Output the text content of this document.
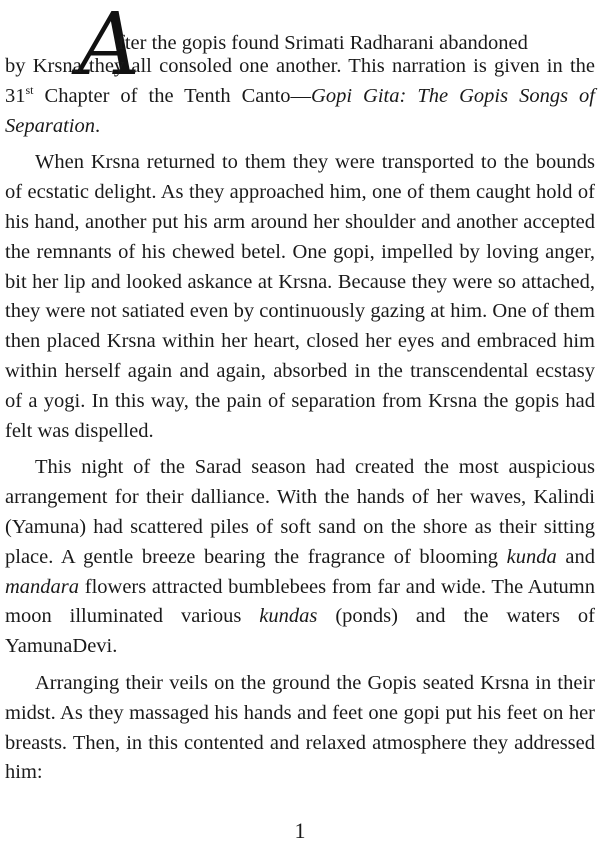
A
fter the gopis found Srimati Radharani abandoned

by Krsna they all consoled one another. This narration is given in the 31st Chapter of the Tenth Canto—Gopi Gita: The Gopis Songs of Separation.

When Krsna returned to them they were transported to the bounds of ecstatic delight. As they approached him, one of them caught hold of his hand, another put his arm around her shoulder and another accepted the remnants of his chewed betel. One gopi, impelled by loving anger, bit her lip and looked askance at Krsna. Because they were so attached, they were not satiated even by continuously gazing at him. One of them then placed Krsna within her heart, closed her eyes and embraced him within herself again and again, absorbed in the transcendental ecstasy of a yogi. In this way, the pain of separation from Krsna the gopis had felt was dispelled.

This night of the Sarad season had created the most auspicious arrangement for their dalliance. With the hands of her waves, Kalindi (Yamuna) had scattered piles of soft sand on the shore as their sitting place. A gentle breeze bearing the fragrance of blooming kunda and mandara flowers attracted bumblebees from far and wide. The Autumn moon illuminated various kundas (ponds) and the waters of YamunaDevi.

Arranging their veils on the ground the Gopis seated Krsna in their midst. As they massaged his hands and feet one gopi put his feet on her breasts. Then, in this contented and relaxed atmosphere they addressed him:

1
